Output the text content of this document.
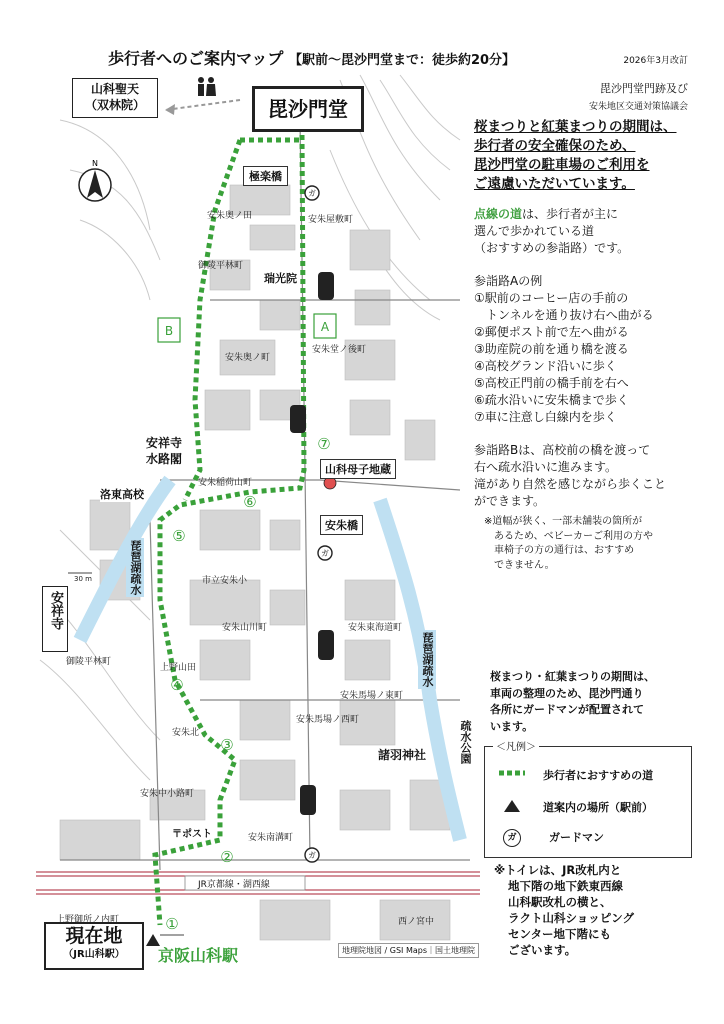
B	A
①
②
③
④
⑤
⑥
⑦
ガ
ガ
ガ
N
毘沙門堂
山科聖天
（双林院）
現在地
（JR山科駅）
安祥寺
極楽橋
瑞光院
安祥寺
水路閣
洛東高校
山科母子地蔵
安朱橋
諸羽神社
〒ポスト
JR京都線・湖西線
京阪山科駅
琵琶湖疏水
琵琶湖疏水
疏水公園
地理院地図 / GSI Maps｜国土地理院
安朱奥ノ田	安朱屋敷町
御陵平林町
安朱堂ノ後町
安朱奥ノ町
安朱稲荷山町
市立安朱小
安朱山川町	安朱東海道町
上野山田
安朱馬場ノ東町
安朱馬場ノ西町
安朱北
安朱中小路町
安朱南溝町
上野御所ノ内町	西ノ宮中
御陵平林町
30 m
歩行者へのご案内マップ 【駅前～毘沙門堂まで：徒歩約20分】	2026年3月改訂
毘沙門堂門跡及び
安朱地区交通対策協議会
桜まつりと紅葉まつりの期間は、
歩行者の安全確保のため、
毘沙門堂の駐車場のご利用を
ご遠慮いただいています。
点線の道は、歩行者が主に
選んで歩かれている道
（おすすめの参詣路）です。
参詣路Aの例
①駅前のコーヒー店の手前の
　トンネルを通り抜け右へ曲がる
②郵便ポスト前で左へ曲がる
③助産院の前を通り橋を渡る
④高校グランド沿いに歩く
⑤高校正門前の橋手前を右へ
⑥疏水沿いに安朱橋まで歩く
⑦車に注意し白線内を歩く
参詣路Bは、高校前の橋を渡って
右へ疏水沿いに進みます。
滝があり自然を感じながら歩くこと
ができます。
※道幅が狭く、一部未舗装の箇所が
あるため、ベビーカーご利用の方や
車椅子の方の通行は、おすすめ
できません。
桜まつり・紅葉まつりの期間は、
車両の整理のため、毘沙門通り
各所にガードマンが配置されて
います。
＜凡例＞
歩行者におすすめの道
道案内の場所（駅前）
ガ	ガードマン
※トイレは、JR改札内と
地下階の地下鉄東西線
山科駅改札の横と、
ラクト山科ショッピング
センター地下階にも
ございます。
